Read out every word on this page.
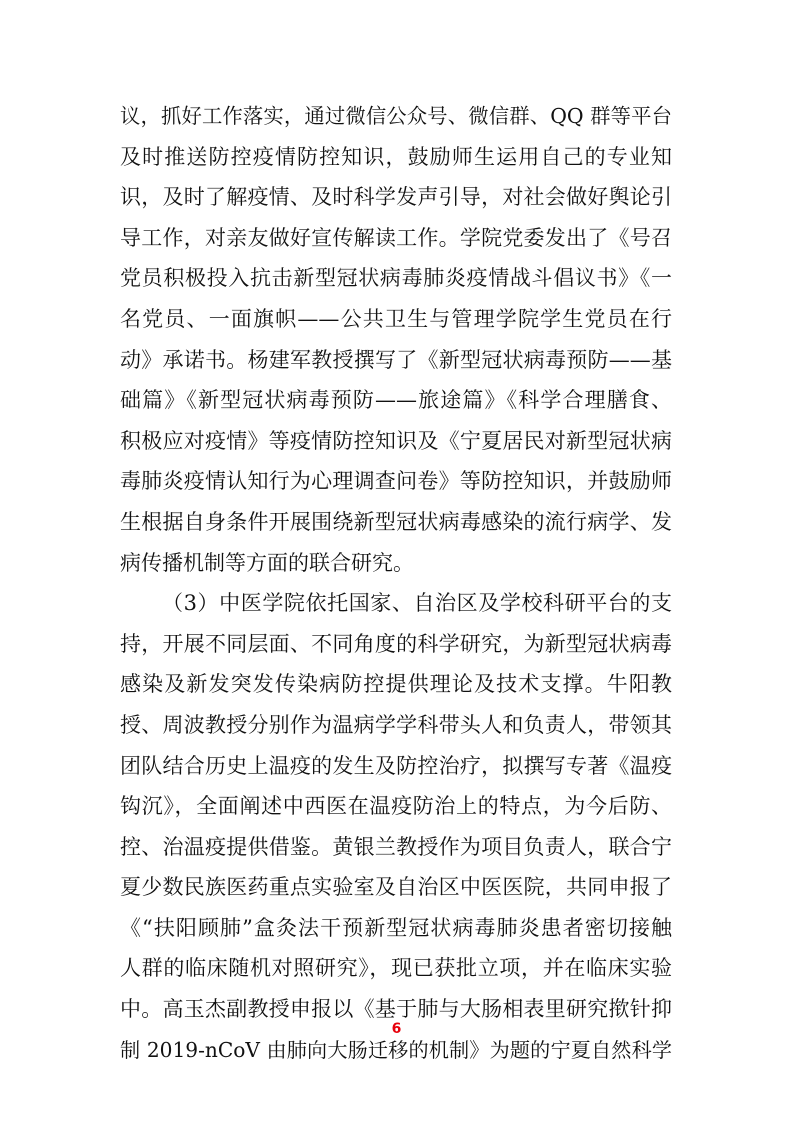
议，抓好工作落实，通过微信公众号、微信群、QQ 群等平台
及时推送防控疫情防控知识，鼓励师生运用自己的专业知
识，及时了解疫情、及时科学发声引导，对社会做好舆论引
导工作，对亲友做好宣传解读工作。学院党委发出了《号召
党员积极投入抗击新型冠状病毒肺炎疫情战斗倡议书》《一
名党员、一面旗帜——公共卫生与管理学院学生党员在行
动》承诺书。杨建军教授撰写了《新型冠状病毒预防——基
础篇》《新型冠状病毒预防——旅途篇》《科学合理膳食、
积极应对疫情》等疫情防控知识及《宁夏居民对新型冠状病
毒肺炎疫情认知行为心理调查问卷》等防控知识，并鼓励师
生根据自身条件开展围绕新型冠状病毒感染的流行病学、发
病传播机制等方面的联合研究。
（3）中医学院依托国家、自治区及学校科研平台的支
持，开展不同层面、不同角度的科学研究，为新型冠状病毒
感染及新发突发传染病防控提供理论及技术支撑。牛阳教
授、周波教授分别作为温病学学科带头人和负责人，带领其
团队结合历史上温疫的发生及防控治疗，拟撰写专著《温疫
钩沉》，全面阐述中西医在温疫防治上的特点，为今后防、
控、治温疫提供借鉴。黄银兰教授作为项目负责人，联合宁
夏少数民族医药重点实验室及自治区中医医院，共同申报了
《“扶阳顾肺”盒灸法干预新型冠状病毒肺炎患者密切接触
人群的临床随机对照研究》，现已获批立项，并在临床实验
中。高玉杰副教授申报以《基于肺与大肠相表里研究揿针抑
制 2019-nCoV 由肺向大肠迁移的机制》为题的宁夏自然科学
6
